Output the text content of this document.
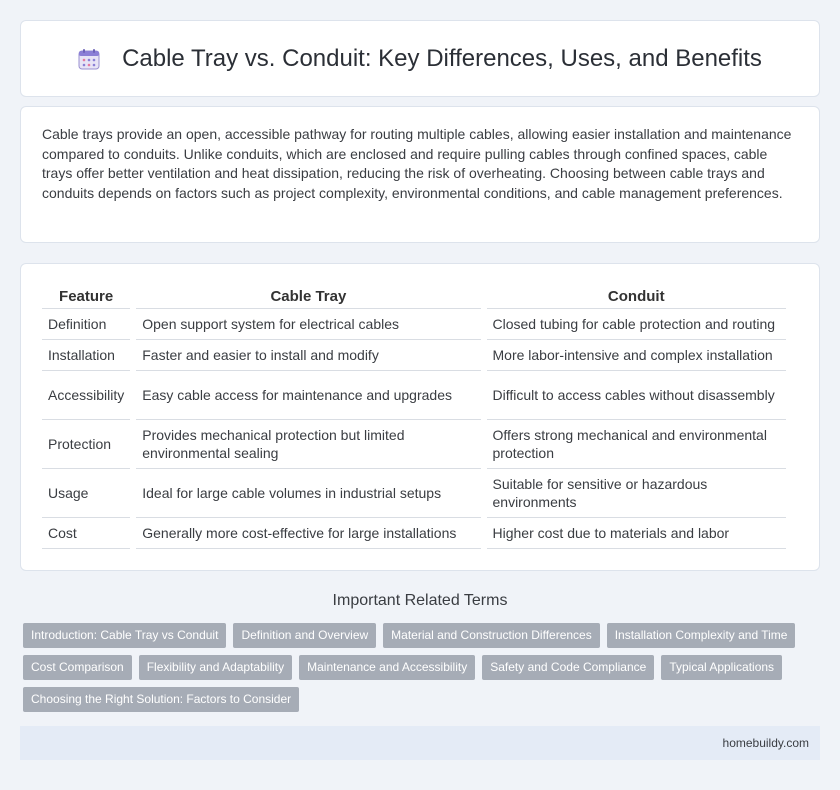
Cable Tray vs. Conduit: Key Differences, Uses, and Benefits

Cable trays provide an open, accessible pathway for routing multiple cables, allowing easier installation and maintenance compared to conduits. Unlike conduits, which are enclosed and require pulling cables through confined spaces, cable trays offer better ventilation and heat dissipation, reducing the risk of overheating. Choosing between cable trays and conduits depends on factors such as project complexity, environmental conditions, and cable management preferences.

Feature	Cable Tray	Conduit
Definition	Open support system for electrical cables	Closed tubing for cable protection and routing
Installation	Faster and easier to install and modify	More labor-intensive and complex installation
Accessibility	Easy cable access for maintenance and upgrades	Difficult to access cables without disassembly
Protection	Provides mechanical protection but limited environmental sealing	Offers strong mechanical and environmental protection
Usage	Ideal for large cable volumes in industrial setups	Suitable for sensitive or hazardous environments
Cost	Generally more cost-effective for large installations	Higher cost due to materials and labor
Important Related Terms
Introduction: Cable Tray vs Conduit	Definition and Overview	Material and Construction Differences	Installation Complexity and Time
Cost Comparison	Flexibility and Adaptability	Maintenance and Accessibility	Safety and Code Compliance	Typical Applications
Choosing the Right Solution: Factors to Consider
homebuildy.com
